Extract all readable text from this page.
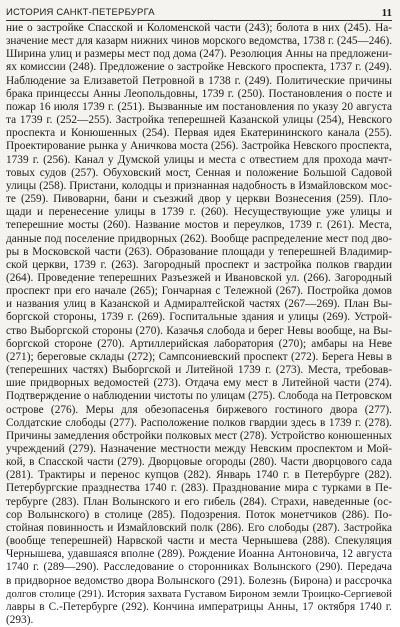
ИСТОРИЯ САНКТ-ПЕТЕРБУРГА	11
ние о застройке Спасской и Коломенской части (243); болота в них (245). На-
значение мест для казарм нижних чинов морского ведомства, 1738 г. (245—246).
Ширина улиц и размеры мест под дома (247). Резолюция Анны на предложени-
ях комиссии (248). Предложение о застройке Невского проспекта, 1737 г. (249).
Наблюдение за Елизаветой Петровной в 1738 г. (249). Политические причины
брака принцессы Анны Леопольдовны, 1739 г. (250). Постановления о посте и
пожар 16 июля 1739 г. (251). Вызванные им постановления по указу 20 августа
та 1739 г. (252—255). Застройка теперешней Казанской улицы (254), Невского
проспекта и Конюшенных (254). Первая идея Екатерининского канала (255).
Проектирование рынка у Аничкова моста (256). Застройка Невского проспекта,
1739 г. (256). Канал у Думской улицы и места с отвестием для прохода мачт-
товых судов (257). Обуховский мост, Сенная и положение Большой Садовой
улицы (258). Пристани, колодцы и признанная надобность в Измайловском мос-
те (259). Пивоварни, бани и съезжий двор у церкви Вознесения (259). Пло-
щади и перенесение улицы в 1739 г. (260). Несуществующие уже улицы и
теперешние мосты (260). Название мостов и переулков, 1739 г. (261). Места,
данные под поселение придворных (262). Вообще распределение мест под дво-
ры в Московской части (263). Образование площади у теперешней Владимир-
ской церкви, 1739 г. (263). Загородный проспект и застройка полков гвардии
(264). Проведение теперешних Разъезжей и Ивановской ул. (266). Загородный
проспект при его начале (265); Гончарная с Тележной (267). Постройка домов
и названия улиц в Казанской и Адмиралтейской частях (267—269). План Вы-
боргской стороны, 1739 г. (269). Госпитальные здания и улицы (269). Устрой-
ство Выборгской стороны (270). Казачья слобода и берег Невы вообще, на Вы-
боргской стороне (270). Артиллерийская лаборатория (270); амбары на Неве
(271); береговые склады (272); Сампсониевский проспект (272). Берега Невы в
(теперешних частях) Выборгской и Литейной 1739 г. (273). Места, требовав-
шие придворных ведомостей (273). Отдача ему мест в Литейной части (274).
Подтверждение о наблюдении чистоты по улицам (275). Слобода на Петровском
острове (276). Меры для обезопасенья биржевого гостиного двора (277).
Солдатские слободы (277). Расположение полков гвардии здесь в 1739 г. (278).
Причины замедления обстройки полковых мест (278). Устройство конюшенных
учреждений (279). Назначение местности между Невским проспектом и Мой-
кой, в Спасской части (279). Дворцовые огороды (280). Части дворцового сада
(281). Трактиры и перенос купцов (282). Январь 1740 г. в Петербурге (282).
Петербургские празднества 1740 г. (283). Празднование мира с турками в Пе-
тербурге (283). План Волынского и его гибель (284). Страхи, наведенные (ос-
сор Волынского) в столице (285). Подозрения. Поток монетчиков (286). По-
стойная повинность и Измайловский полк (286). Его слободы (287). Застройка
(вообще теперешней) Нарвской части и места Чернышева (288). Спекуляция
Чернышева, удавшаяся вполне (289). Рождение Иоанна Антоновича, 12 августа
1740 г. (289—290). Расследование о сторонниках Волынского (290). Передача
в придворное ведомство двора Волынского (291). Болезнь (Бирона) и рассрочка
долгов столице (291). История захвата Густавом Бироном земли Троицко-Сергиевой
лавры в С.-Петербурге (292). Кончина императрицы Анны, 17 октября 1740 г.
(293).
